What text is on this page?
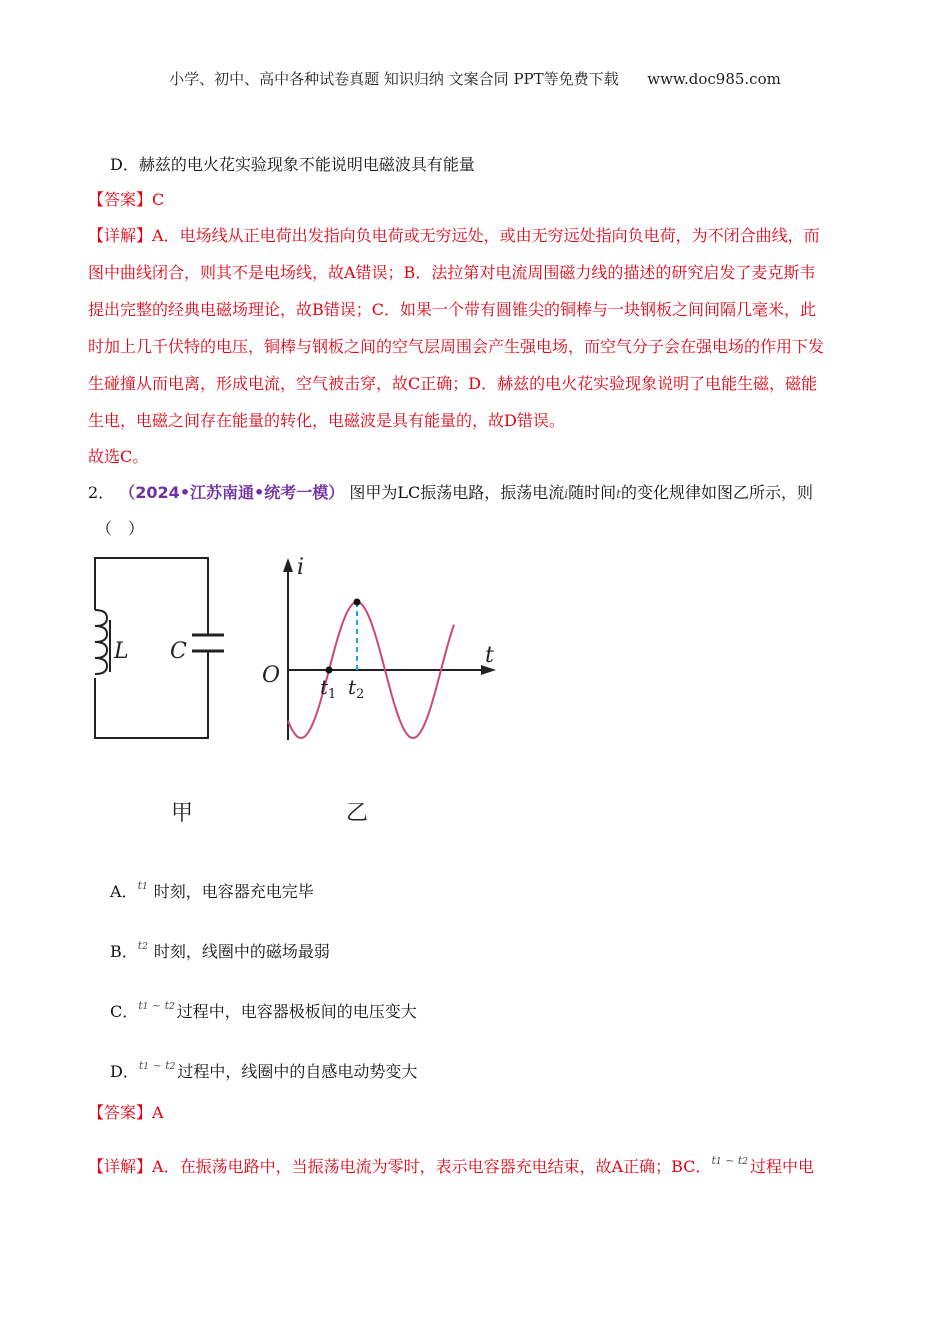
小学、初中、高中各种试卷真题 知识归纳 文案合同 PPT等免费下载      www.doc985.com
D．赫兹的电火花实验现象不能说明电磁波具有能量
【答案】C
【详解】A．电场线从正电荷出发指向负电荷或无穷远处，或由无穷远处指向负电荷，为不闭合曲线，而
图中曲线闭合，则其不是电场线，故A错误；B．法拉第对电流周围磁力线的描述的研究启发了麦克斯韦
提出完整的经典电磁场理论，故B错误；C．如果一个带有圆锥尖的铜棒与一块钢板之间间隔几毫米，此
时加上几千伏特的电压，铜棒与钢板之间的空气层周围会产生强电场，而空气分子会在强电场的作用下发
生碰撞从而电离，形成电流，空气被击穿，故C正确；D．赫兹的电火花实验现象说明了电能生磁，磁能
生电，电磁之间存在能量的转化，电磁波是具有能量的，故D错误。
故选C。
2． （2024•江苏南通•统考一模） 图甲为LC振荡电路，振荡电流i随时间t的变化规律如图乙所示，则
（　）
L C
i
t
O $t_1$ $t_2$
甲	乙
A．t1 时刻，电容器充电完毕
B．t2 时刻，线圈中的磁场最弱
C．t1 ~ t2 过程中，电容器极板间的电压变大
D．t1 ~ t2 过程中，线圈中的自感电动势变大
【答案】A
【详解】A．在振荡电路中，当振荡电流为零时，表示电容器充电结束，故A正确；BC．t1 ~ t2 过程中电
